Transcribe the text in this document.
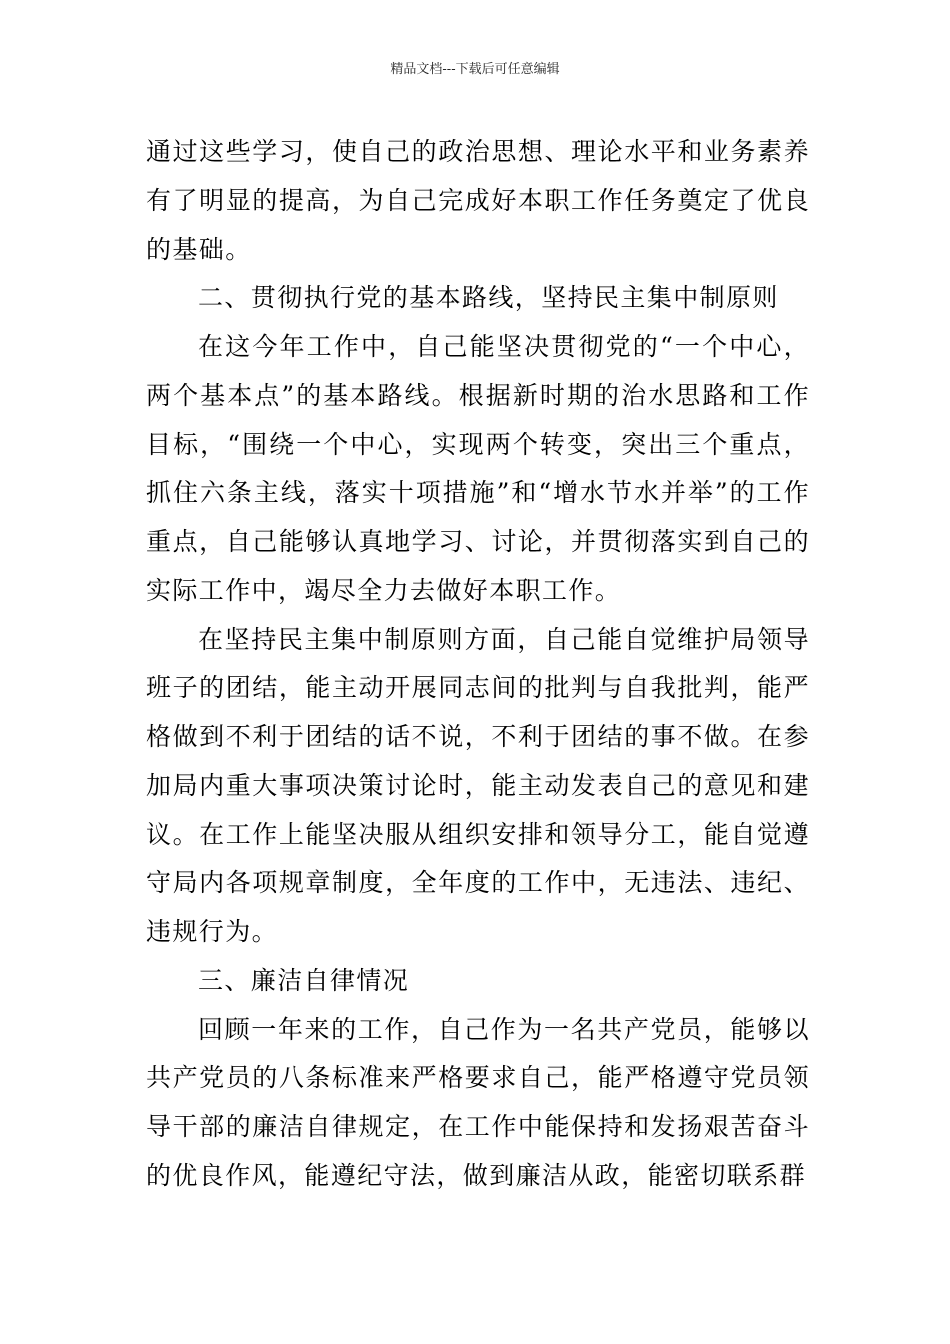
精品文档---下载后可任意编辑

通过这些学习，使自己的政治思想、理论水平和业务素养有了明显的提高，为自己完成好本职工作任务奠定了优良的基础。

二、贯彻执行党的基本路线，坚持民主集中制原则

在这今年工作中，自己能坚决贯彻党的“一个中心，两个基本点”的基本路线。根据新时期的治水思路和工作目标，“围绕一个中心，实现两个转变，突出三个重点，抓住六条主线，落实十项措施”和“增水节水并举”的工作重点，自己能够认真地学习、讨论，并贯彻落实到自己的实际工作中，竭尽全力去做好本职工作。

在坚持民主集中制原则方面，自己能自觉维护局领导班子的团结，能主动开展同志间的批判与自我批判，能严格做到不利于团结的话不说，不利于团结的事不做。在参加局内重大事项决策讨论时，能主动发表自己的意见和建议。在工作上能坚决服从组织安排和领导分工，能自觉遵守局内各项规章制度，全年度的工作中，无违法、违纪、违规行为。

三、廉洁自律情况

回顾一年来的工作，自己作为一名共产党员，能够以共产党员的八条标准来严格要求自己，能严格遵守党员领导干部的廉洁自律规定，在工作中能保持和发扬艰苦奋斗的优良作风，能遵纪守法，做到廉洁从政，能密切联系群
